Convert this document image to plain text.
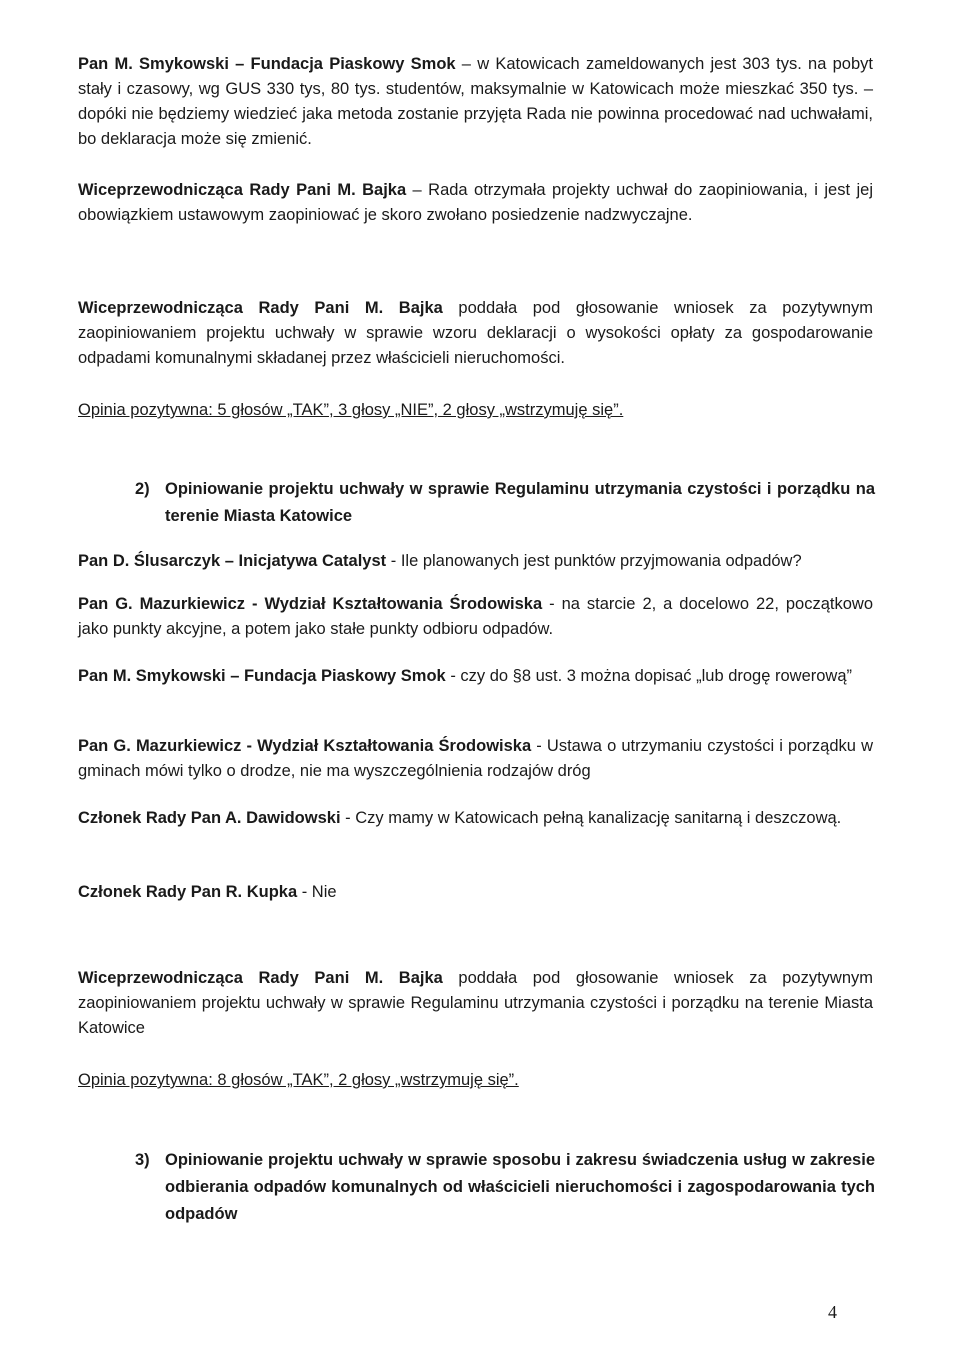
Pan M. Smykowski – Fundacja Piaskowy Smok – w Katowicach zameldowanych jest 303 tys. na pobyt stały i czasowy, wg GUS 330 tys, 80 tys. studentów, maksymalnie w Katowicach może mieszkać 350 tys. – dopóki nie będziemy wiedzieć jaka metoda zostanie przyjęta Rada nie powinna procedować nad uchwałami, bo deklaracja może się zmienić.
Wiceprzewodnicząca Rady Pani M. Bajka – Rada otrzymała projekty uchwał do zaopiniowania, i jest jej obowiązkiem ustawowym zaopiniować je skoro zwołano posiedzenie nadzwyczajne.
Wiceprzewodnicząca Rady Pani M. Bajka poddała pod głosowanie wniosek za pozytywnym zaopiniowaniem projektu uchwały w sprawie wzoru deklaracji o wysokości opłaty za gospodarowanie odpadami komunalnymi składanej przez właścicieli nieruchomości.
Opinia pozytywna: 5 głosów „TAK”, 3 głosy „NIE”, 2 głosy „wstrzymuję się”.
2) Opiniowanie projektu uchwały w sprawie Regulaminu utrzymania czystości i porządku na terenie Miasta Katowice
Pan D. Ślusarczyk – Inicjatywa Catalyst - Ile planowanych jest punktów przyjmowania odpadów?
Pan G. Mazurkiewicz - Wydział Kształtowania Środowiska - na starcie 2, a docelowo 22, początkowo jako punkty akcyjne, a potem jako stałe punkty odbioru odpadów.
Pan M. Smykowski – Fundacja Piaskowy Smok - czy do §8 ust. 3 można dopisać „lub drogę rowerową”
Pan G. Mazurkiewicz - Wydział Kształtowania Środowiska - Ustawa o utrzymaniu czystości i porządku w gminach mówi tylko o drodze, nie ma wyszczególnienia rodzajów dróg
Członek Rady Pan A. Dawidowski - Czy mamy w Katowicach pełną kanalizację sanitarną i deszczową.
Członek Rady Pan R. Kupka - Nie
Wiceprzewodnicząca Rady Pani M. Bajka poddała pod głosowanie wniosek za pozytywnym zaopiniowaniem projektu uchwały w sprawie Regulaminu utrzymania czystości i porządku na terenie Miasta Katowice
Opinia pozytywna: 8 głosów „TAK”, 2 głosy „wstrzymuję się”.
3) Opiniowanie projektu uchwały w sprawie sposobu i zakresu świadczenia usług w zakresie odbierania odpadów komunalnych od właścicieli nieruchomości i zagospodarowania tych odpadów
4
